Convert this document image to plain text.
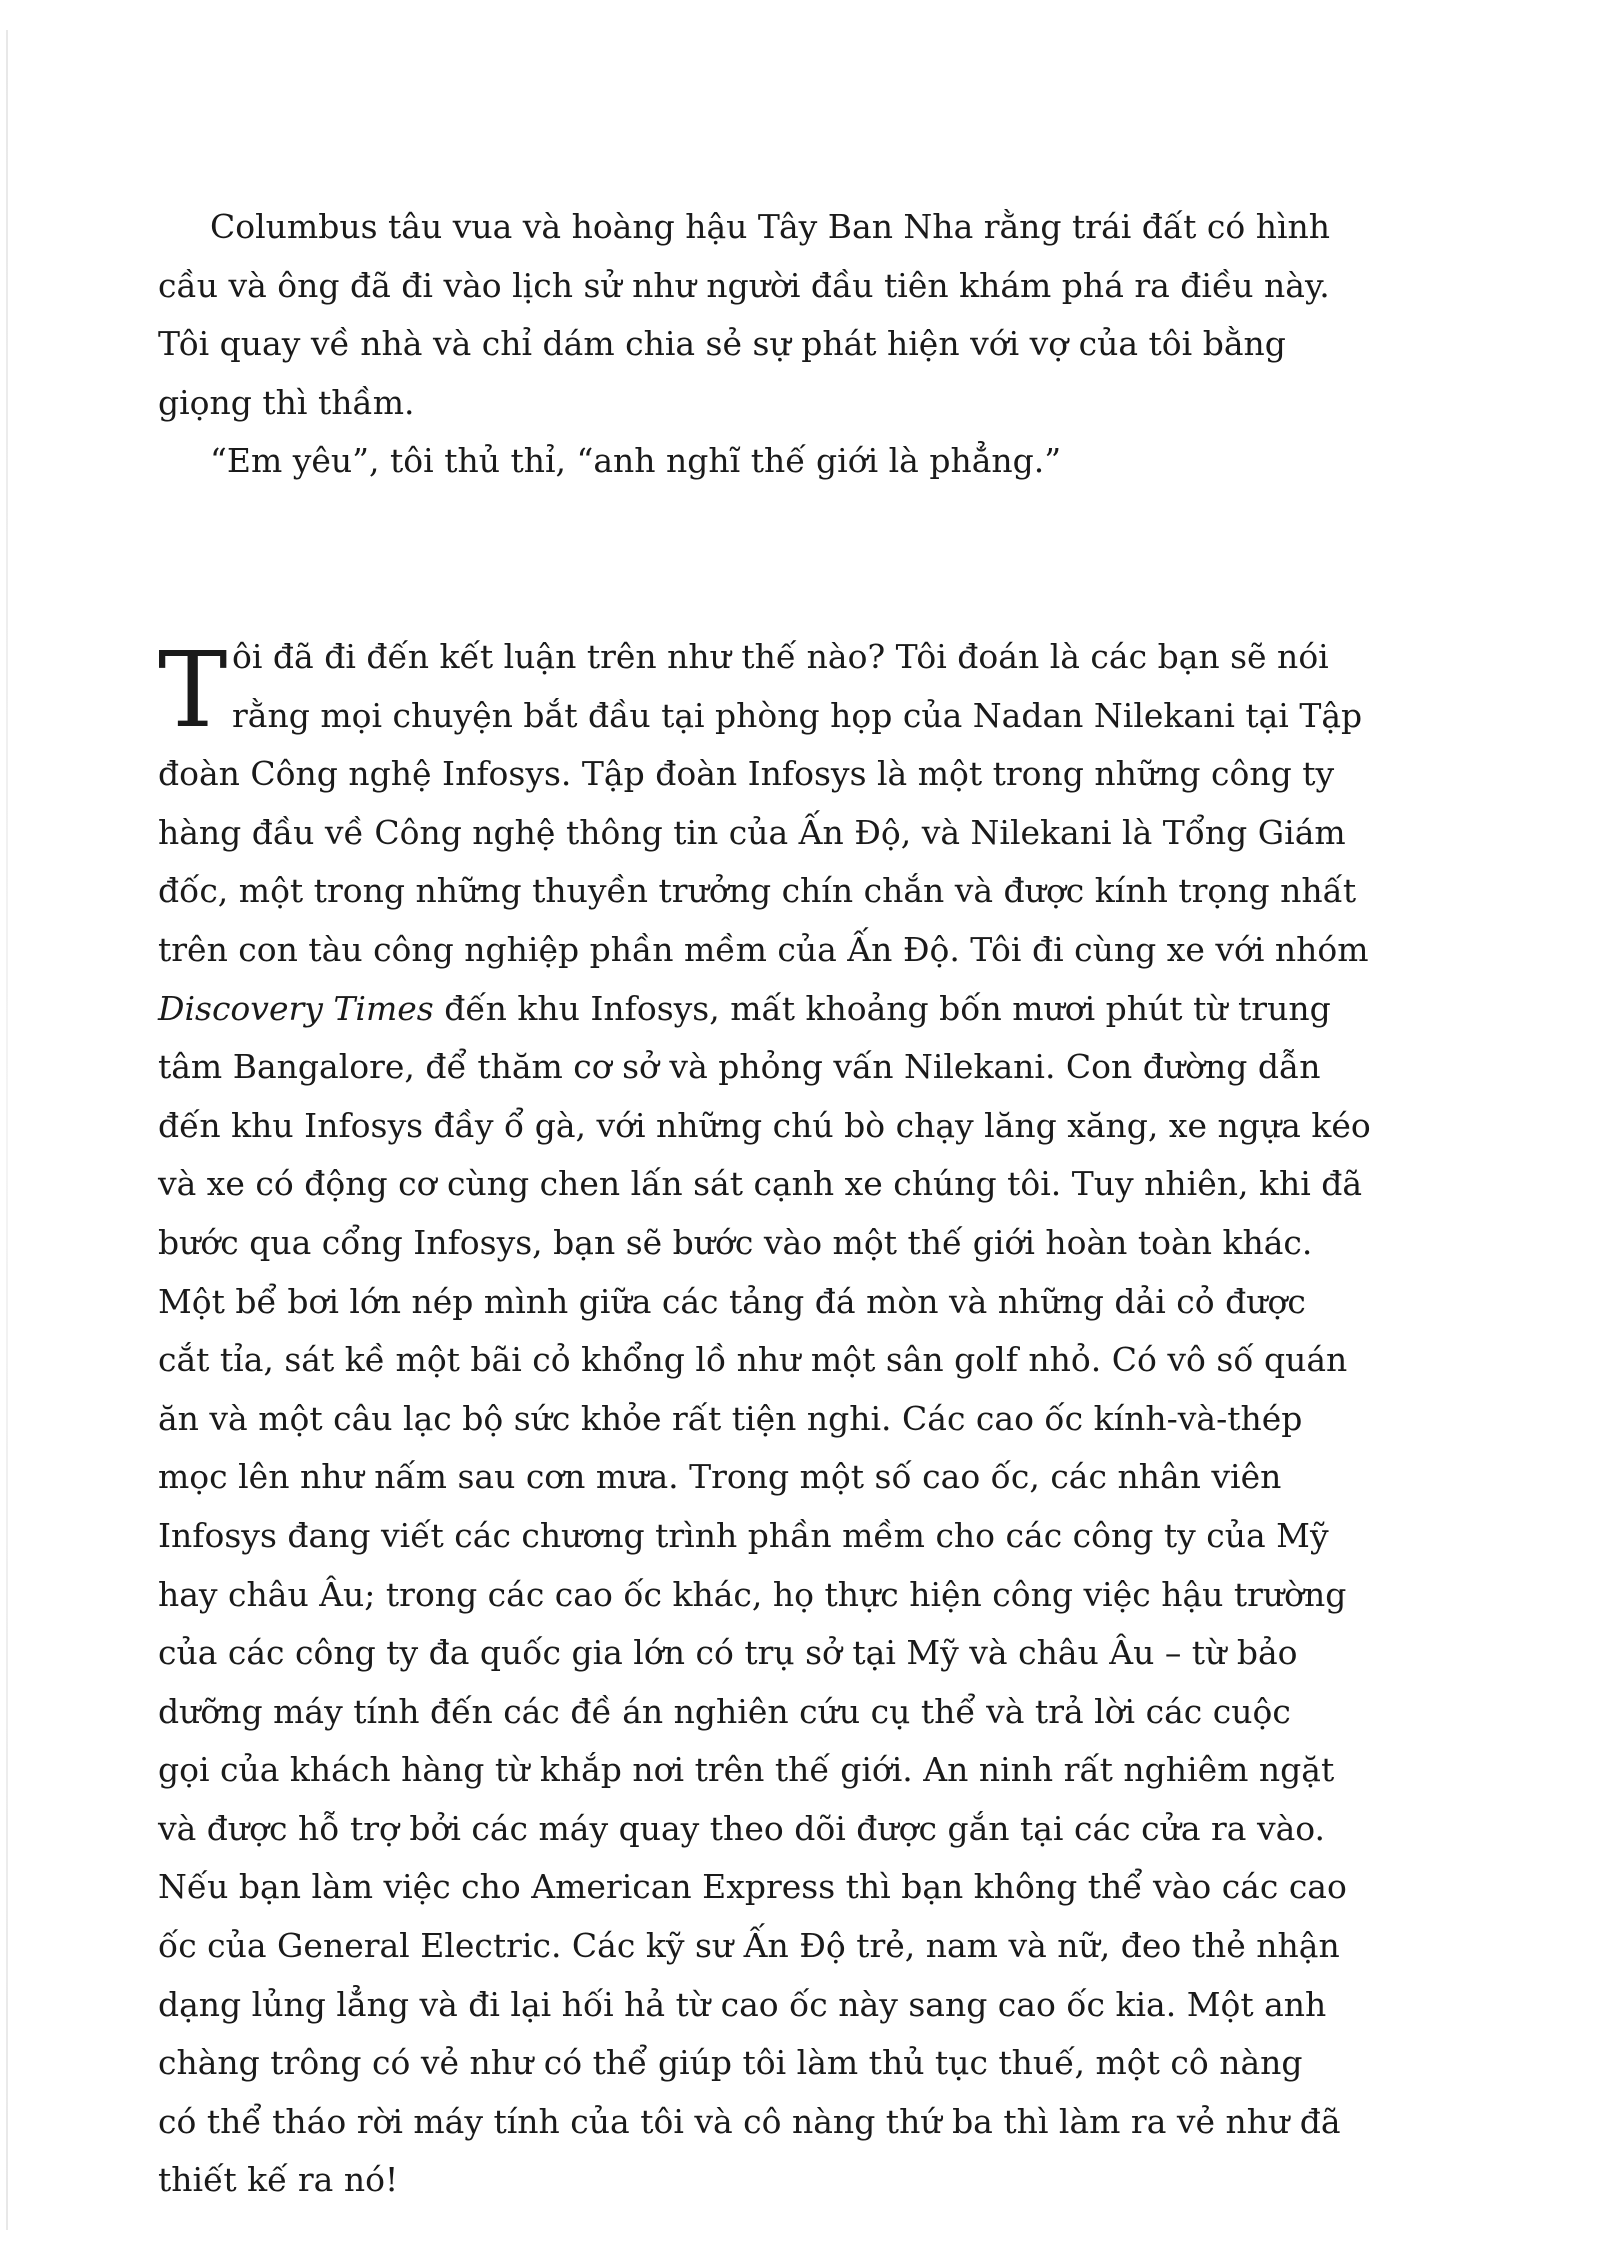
Columbus tâu vua và hoàng hậu Tây Ban Nha rằng trái đất có hình
cầu và ông đã đi vào lịch sử như người đầu tiên khám phá ra điều này.
Tôi quay về nhà và chỉ dám chia sẻ sự phát hiện với vợ của tôi bằng
giọng thì thầm.
“Em yêu”, tôi thủ thỉ, “anh nghĩ thế giới là phẳng.”
T ôi đã đi đến kết luận trên như thế nào? Tôi đoán là các bạn sẽ nói
rằng mọi chuyện bắt đầu tại phòng họp của Nadan Nilekani tại Tập
đoàn Công nghệ Infosys. Tập đoàn Infosys là một trong những công ty
hàng đầu về Công nghệ thông tin của Ấn Độ, và Nilekani là Tổng Giám
đốc, một trong những thuyền trưởng chín chắn và được kính trọng nhất
trên con tàu công nghiệp phần mềm của Ấn Độ. Tôi đi cùng xe với nhóm
Discovery Times đến khu Infosys, mất khoảng bốn mươi phút từ trung
tâm Bangalore, để thăm cơ sở và phỏng vấn Nilekani. Con đường dẫn
đến khu Infosys đầy ổ gà, với những chú bò chạy lăng xăng, xe ngựa kéo
và xe có động cơ cùng chen lấn sát cạnh xe chúng tôi. Tuy nhiên, khi đã
bước qua cổng Infosys, bạn sẽ bước vào một thế giới hoàn toàn khác.
Một bể bơi lớn nép mình giữa các tảng đá mòn và những dải cỏ được
cắt tỉa, sát kề một bãi cỏ khổng lồ như một sân golf nhỏ. Có vô số quán
ăn và một câu lạc bộ sức khỏe rất tiện nghi. Các cao ốc kính-và-thép
mọc lên như nấm sau cơn mưa. Trong một số cao ốc, các nhân viên
Infosys đang viết các chương trình phần mềm cho các công ty của Mỹ
hay châu Âu; trong các cao ốc khác, họ thực hiện công việc hậu trường
của các công ty đa quốc gia lớn có trụ sở tại Mỹ và châu Âu – từ bảo
dưỡng máy tính đến các đề án nghiên cứu cụ thể và trả lời các cuộc
gọi của khách hàng từ khắp nơi trên thế giới. An ninh rất nghiêm ngặt
và được hỗ trợ bởi các máy quay theo dõi được gắn tại các cửa ra vào.
Nếu bạn làm việc cho American Express thì bạn không thể vào các cao
ốc của General Electric. Các kỹ sư Ấn Độ trẻ, nam và nữ, đeo thẻ nhận
dạng lủng lẳng và đi lại hối hả từ cao ốc này sang cao ốc kia. Một anh
chàng trông có vẻ như có thể giúp tôi làm thủ tục thuế, một cô nàng
có thể tháo rời máy tính của tôi và cô nàng thứ ba thì làm ra vẻ như đã
thiết kế ra nó!
